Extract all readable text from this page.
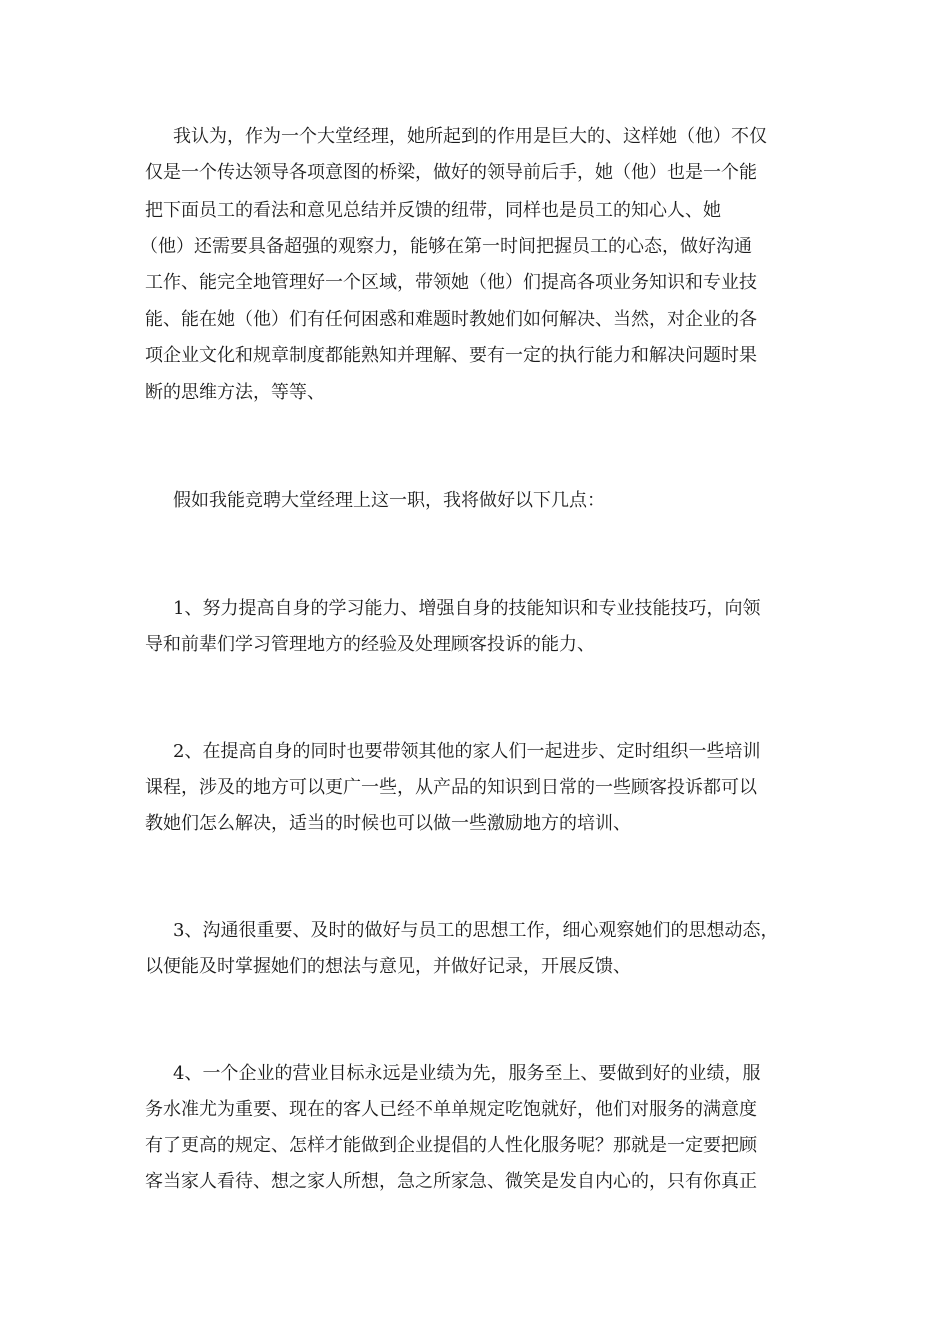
我认为，作为一个大堂经理，她所起到的作用是巨大的、这样她（他）不仅

仅是一个传达领导各项意图的桥梁，做好的领导前后手，她（他）也是一个能

把下面员工的看法和意见总结并反馈的纽带，同样也是员工的知心人、她

（他）还需要具备超强的观察力，能够在第一时间把握员工的心态，做好沟通

工作、能完全地管理好一个区域，带领她（他）们提高各项业务知识和专业技

能、能在她（他）们有任何困惑和难题时教她们如何解决、当然，对企业的各

项企业文化和规章制度都能熟知并理解、要有一定的执行能力和解决问题时果

断的思维方法，等等、

假如我能竞聘大堂经理上这一职，我将做好以下几点：

1、努力提高自身的学习能力、增强自身的技能知识和专业技能技巧，向领

导和前辈们学习管理地方的经验及处理顾客投诉的能力、

2、在提高自身的同时也要带领其他的家人们一起进步、定时组织一些培训

课程，涉及的地方可以更广一些，从产品的知识到日常的一些顾客投诉都可以

教她们怎么解决，适当的时候也可以做一些激励地方的培训、

3、沟通很重要、及时的做好与员工的思想工作，细心观察她们的思想动态，

以便能及时掌握她们的想法与意见，并做好记录，开展反馈、

4、一个企业的营业目标永远是业绩为先，服务至上、要做到好的业绩，服

务水准尤为重要、现在的客人已经不单单规定吃饱就好，他们对服务的满意度

有了更高的规定、怎样才能做到企业提倡的人性化服务呢？那就是一定要把顾

客当家人看待、想之家人所想，急之所家急、微笑是发自内心的，只有你真正
